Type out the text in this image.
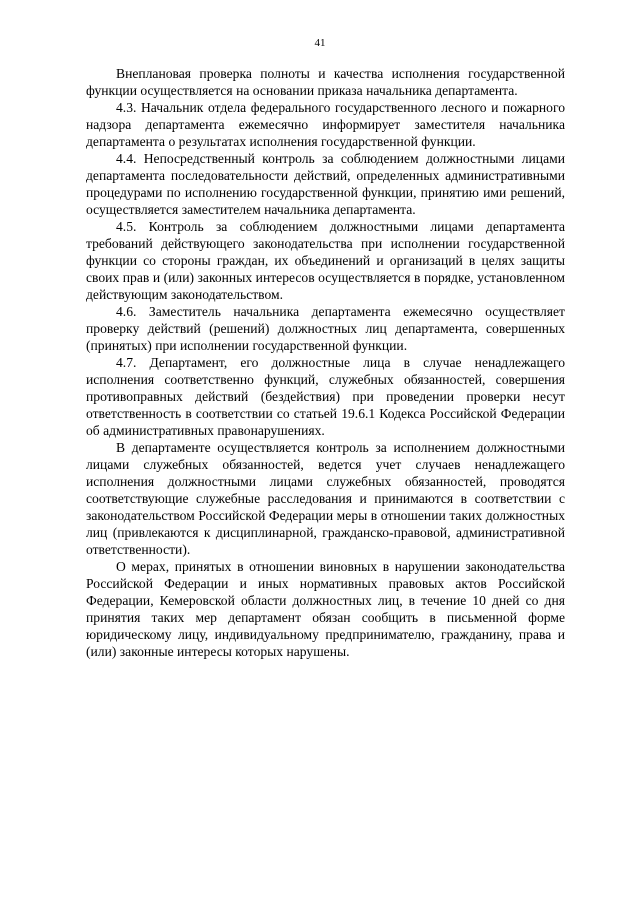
41

Внеплановая проверка полноты и качества исполнения государственной функции осуществляется на основании приказа начальника департамента.

4.3. Начальник отдела федерального государственного лесного и пожарного надзора департамента ежемесячно информирует заместителя начальника департамента о результатах исполнения государственной функции.

4.4. Непосредственный контроль за соблюдением должностными лицами департамента последовательности действий, определенных административными процедурами по исполнению государственной функции, принятию ими решений, осуществляется заместителем начальника департамента.

4.5. Контроль за соблюдением должностными лицами департамента требований действующего законодательства при исполнении государственной функции со стороны граждан, их объединений и организаций в целях защиты своих прав и (или) законных интересов осуществляется в порядке, установленном действующим законодательством.

4.6. Заместитель начальника департамента ежемесячно осуществляет проверку действий (решений) должностных лиц департамента, совершенных (принятых) при исполнении государственной функции.

4.7. Департамент, его должностные лица в случае ненадлежащего исполнения соответственно функций, служебных обязанностей, совершения противоправных действий (бездействия) при проведении проверки несут ответственность в соответствии со статьей 19.6.1 Кодекса Российской Федерации об административных правонарушениях.

В департаменте осуществляется контроль за исполнением должностными лицами служебных обязанностей, ведется учет случаев ненадлежащего исполнения должностными лицами служебных обязанностей, проводятся соответствующие служебные расследования и принимаются в соответствии с законодательством Российской Федерации меры в отношении таких должностных лиц (привлекаются к дисциплинарной, гражданско-правовой, административной ответственности).

О мерах, принятых в отношении виновных в нарушении законодательства Российской Федерации и иных нормативных правовых актов Российской Федерации, Кемеровской области должностных лиц, в течение 10 дней со дня принятия таких мер департамент обязан сообщить в письменной форме юридическому лицу, индивидуальному предпринимателю, гражданину, права и (или) законные интересы которых нарушены.
